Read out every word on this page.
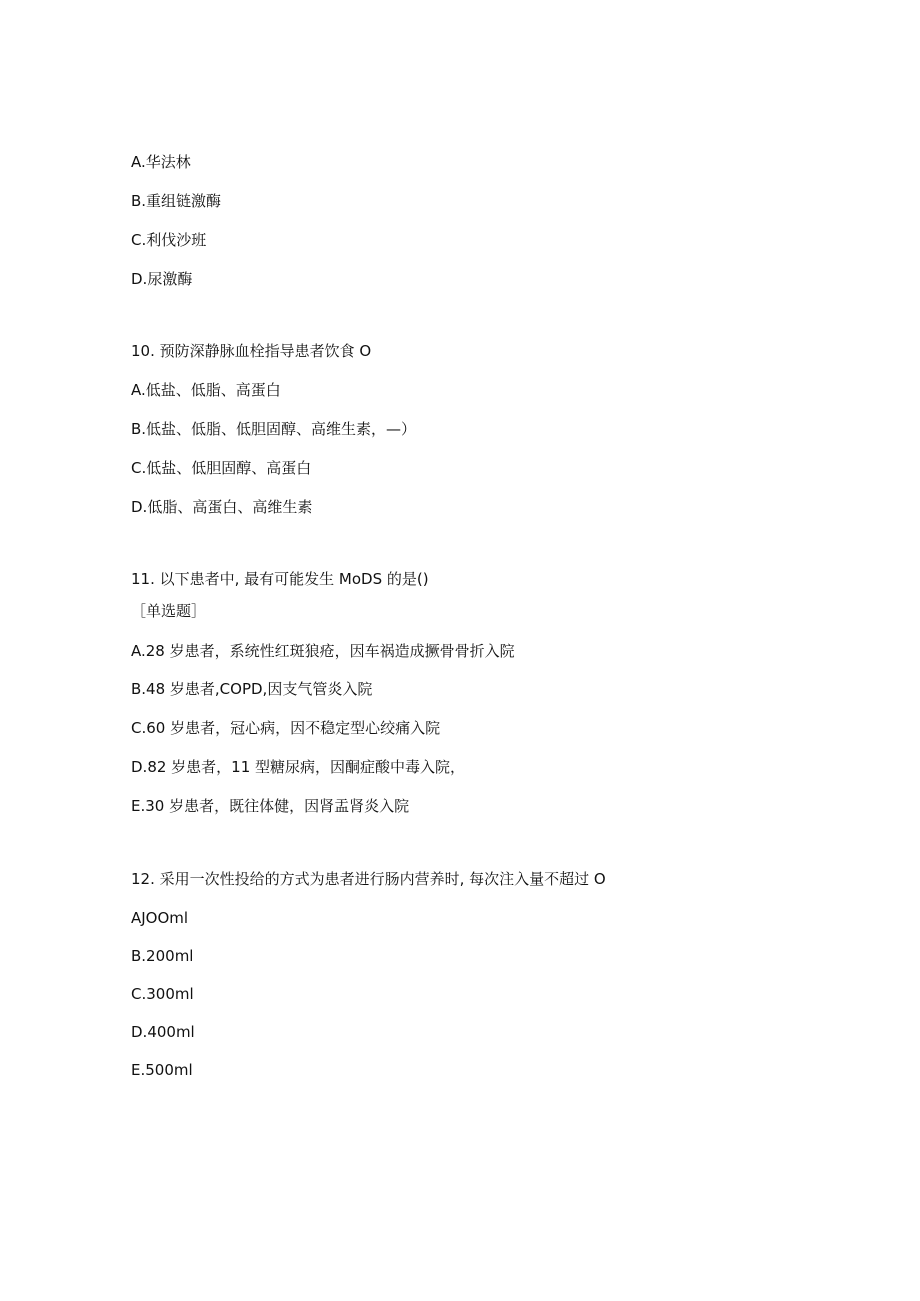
A.华法林
B.重组链激酶
C.利伐沙班
D.尿激酶
10. 预防深静脉血栓指导患者饮食 O
A.低盐、低脂、高蛋白
B.低盐、低脂、低胆固醇、高维生素，—）
C.低盐、低胆固醇、高蛋白
D.低脂、高蛋白、高维生素
11. 以下患者中, 最有可能发生 MoDS 的是()
［单选题］
A.28 岁患者，系统性红斑狼疮，因车祸造成撅骨骨折入院
B.48 岁患者,COPD,因支气管炎入院
C.60 岁患者，冠心病，因不稳定型心绞痛入院
D.82 岁患者，11 型糖尿病，因酮症酸中毒入院，
E.30 岁患者，既往体健，因肾盂肾炎入院
12. 采用一次性投给的方式为患者进行肠内营养时, 每次注入量不超过 O
AJOOml
B.200ml
C.300ml
D.400ml
E.500ml
